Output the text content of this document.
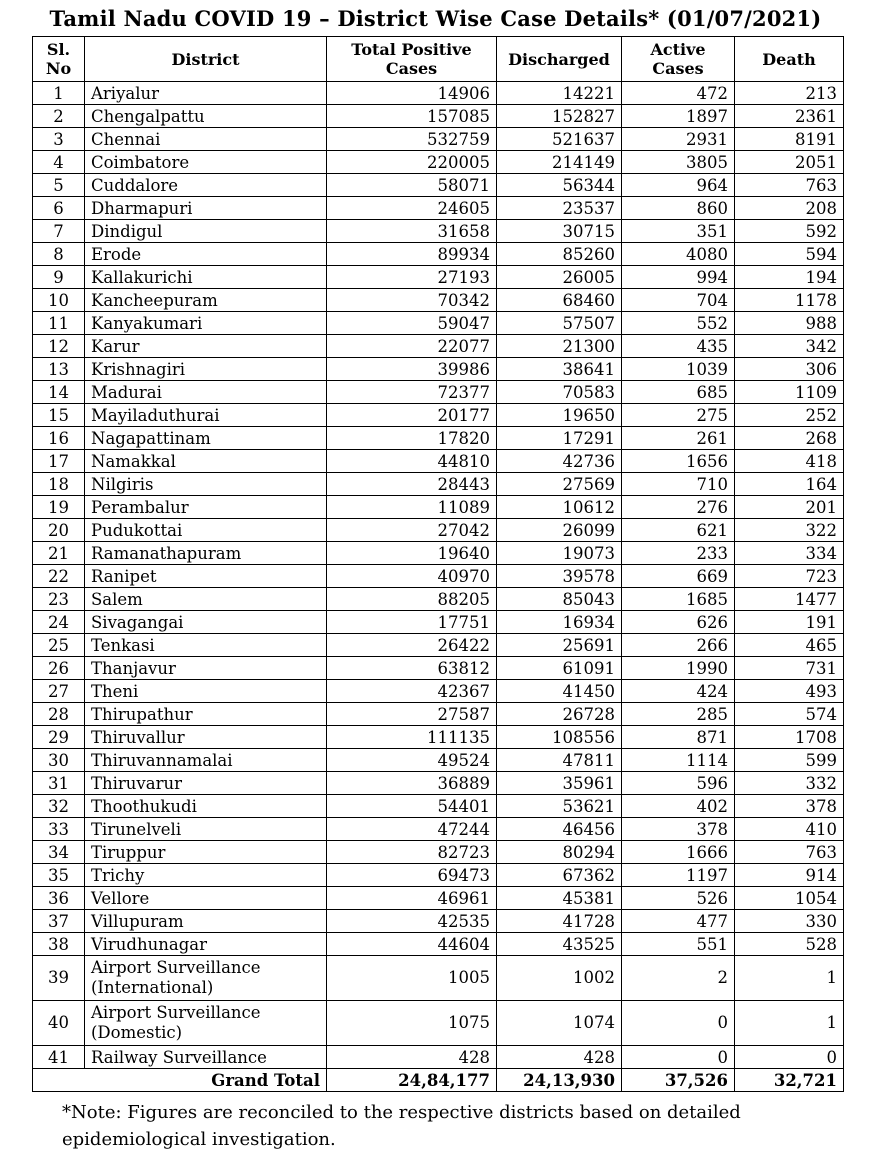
Tamil Nadu COVID 19 – District Wise Case Details* (01/07/2021)
Sl. No	District	Total Positive Cases	Discharged	Active Cases	Death
1	Ariyalur	14906	14221	472	213
2	Chengalpattu	157085	152827	1897	2361
3	Chennai	532759	521637	2931	8191
4	Coimbatore	220005	214149	3805	2051
5	Cuddalore	58071	56344	964	763
6	Dharmapuri	24605	23537	860	208
7	Dindigul	31658	30715	351	592
8	Erode	89934	85260	4080	594
9	Kallakurichi	27193	26005	994	194
10	Kancheepuram	70342	68460	704	1178
11	Kanyakumari	59047	57507	552	988
12	Karur	22077	21300	435	342
13	Krishnagiri	39986	38641	1039	306
14	Madurai	72377	70583	685	1109
15	Mayiladuthurai	20177	19650	275	252
16	Nagapattinam	17820	17291	261	268
17	Namakkal	44810	42736	1656	418
18	Nilgiris	28443	27569	710	164
19	Perambalur	11089	10612	276	201
20	Pudukottai	27042	26099	621	322
21	Ramanathapuram	19640	19073	233	334
22	Ranipet	40970	39578	669	723
23	Salem	88205	85043	1685	1477
24	Sivagangai	17751	16934	626	191
25	Tenkasi	26422	25691	266	465
26	Thanjavur	63812	61091	1990	731
27	Theni	42367	41450	424	493
28	Thirupathur	27587	26728	285	574
29	Thiruvallur	111135	108556	871	1708
30	Thiruvannamalai	49524	47811	1114	599
31	Thiruvarur	36889	35961	596	332
32	Thoothukudi	54401	53621	402	378
33	Tirunelveli	47244	46456	378	410
34	Tiruppur	82723	80294	1666	763
35	Trichy	69473	67362	1197	914
36	Vellore	46961	45381	526	1054
37	Villupuram	42535	41728	477	330
38	Virudhunagar	44604	43525	551	528
39	Airport Surveillance (International)	1005	1002	2	1
40	Airport Surveillance (Domestic)	1075	1074	0	1
41	Railway Surveillance	428	428	0	0
Grand Total		24,84,177	24,13,930	37,526	32,721
*Note: Figures are reconciled to the respective districts based on detailed epidemiological investigation.
